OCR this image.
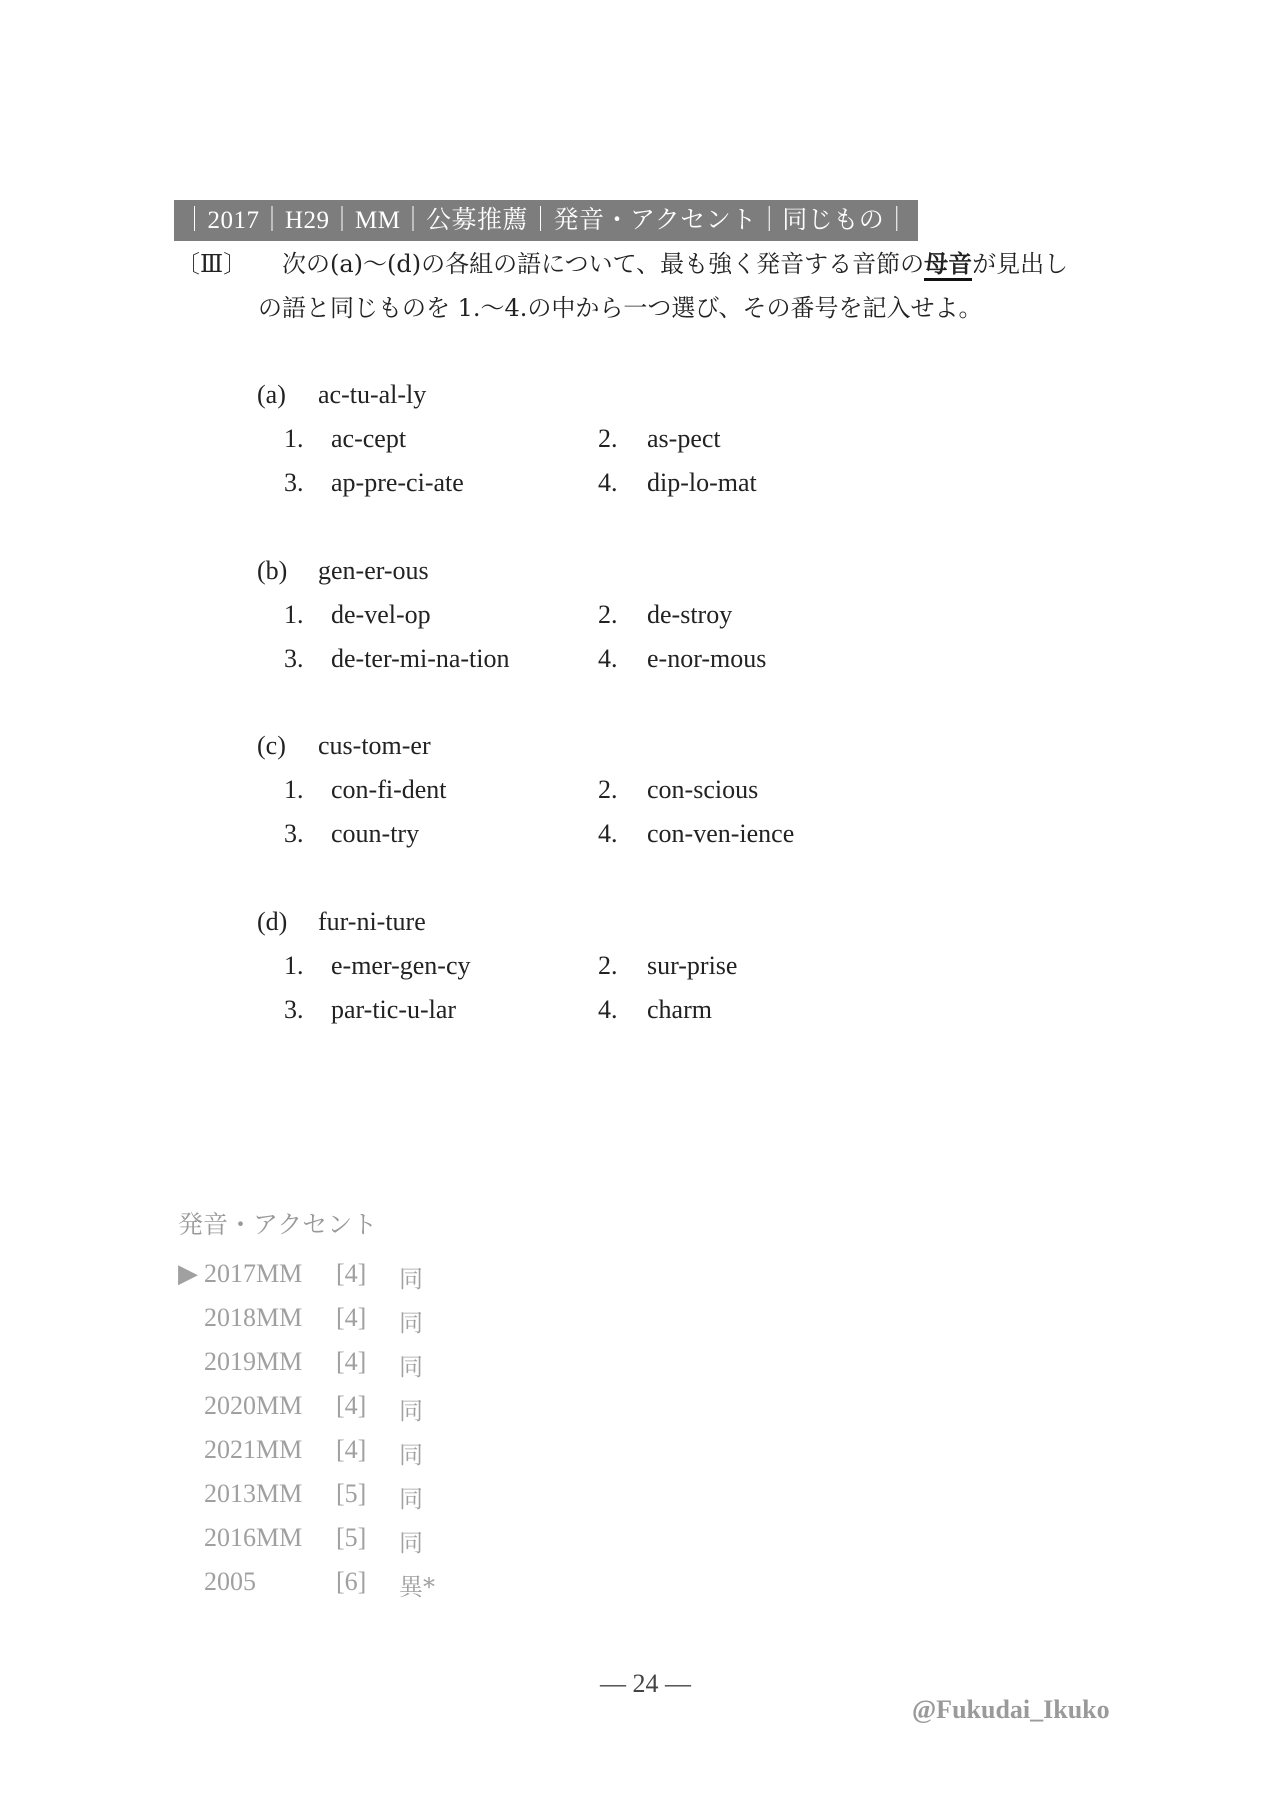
｜2017｜H29｜MM｜公募推薦｜発音・アクセント｜同じもの｜
〔Ⅲ〕 次の(a)～(d)の各組の語について、最も強く発音する音節の母音が見出し
の語と同じものを 1.～4.の中から一つ選び、その番号を記入せよ。
(a) ac-tu-al-ly
1.	ac-cept	2.	as-pect
3.	ap-pre-ci-ate	4.	dip-lo-mat
(b) gen-er-ous
1.	de-vel-op	2.	de-stroy
3.	de-ter-mi-na-tion	4.	e-nor-mous
(c) cus-tom-er
1.	con-fi-dent	2.	con-scious
3.	coun-try	4.	con-ven-ience
(d) fur-ni-ture
1.	e-mer-gen-cy	2.	sur-prise
3.	par-tic-u-lar	4.	charm
発音・アクセント
▶ 2017MM [4] 同
2018MM [4] 同
2019MM [4] 同
2020MM [4] 同
2021MM [4] 同
2013MM [5] 同
2016MM [5] 同
2005	[6] 異*
— 24 —
@Fukudai_Ikuko
